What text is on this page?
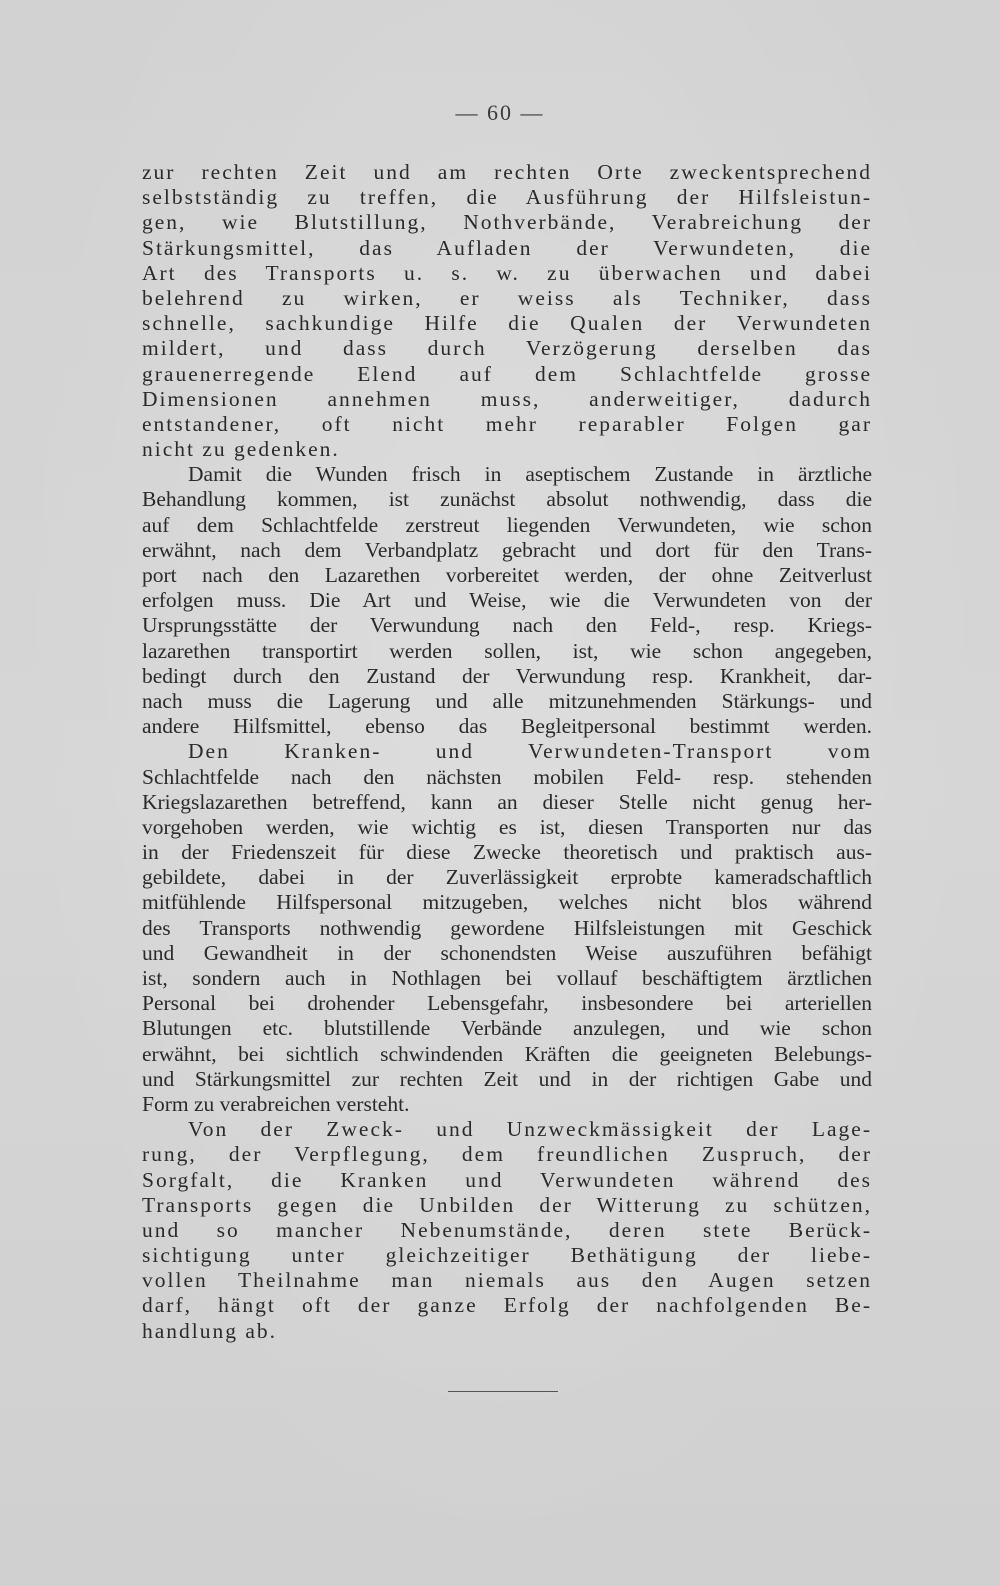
— 60 —
zur rechten Zeit und am rechten Orte zweckentsprechend
selbstständig zu treffen, die Ausführung der Hilfsleistun-
gen, wie Blutstillung, Nothverbände, Verabreichung der
Stärkungsmittel, das Aufladen der Verwundeten, die
Art des Transports u. s. w. zu überwachen und dabei
belehrend zu wirken, er weiss als Techniker, dass
schnelle, sachkundige Hilfe die Qualen der Verwundeten
mildert, und dass durch Verzögerung derselben das
grauenerregende Elend auf dem Schlachtfelde grosse
Dimensionen annehmen muss, anderweitiger, dadurch
entstandener, oft nicht mehr reparabler Folgen gar
nicht zu gedenken.
Damit die Wunden frisch in aseptischem Zustande in ärztliche
Behandlung kommen, ist zunächst absolut nothwendig, dass die
auf dem Schlachtfelde zerstreut liegenden Verwundeten, wie schon
erwähnt, nach dem Verbandplatz gebracht und dort für den Trans-
port nach den Lazarethen vorbereitet werden, der ohne Zeitverlust
erfolgen muss. Die Art und Weise, wie die Verwundeten von der
Ursprungsstätte der Verwundung nach den Feld-, resp. Kriegs-
lazarethen transportirt werden sollen, ist, wie schon angegeben,
bedingt durch den Zustand der Verwundung resp. Krankheit, dar-
nach muss die Lagerung und alle mitzunehmenden Stärkungs- und
andere Hilfsmittel, ebenso das Begleitpersonal bestimmt werden.
Den Kranken- und Verwundeten-Transport vom
Schlachtfelde nach den nächsten mobilen Feld- resp. stehenden
Kriegslazarethen betreffend, kann an dieser Stelle nicht genug her-
vorgehoben werden, wie wichtig es ist, diesen Transporten nur das
in der Friedenszeit für diese Zwecke theoretisch und praktisch aus-
gebildete, dabei in der Zuverlässigkeit erprobte kameradschaftlich
mitfühlende Hilfspersonal mitzugeben, welches nicht blos während
des Transports nothwendig gewordene Hilfsleistungen mit Geschick
und Gewandheit in der schonendsten Weise auszuführen befähigt
ist, sondern auch in Nothlagen bei vollauf beschäftigtem ärztlichen
Personal bei drohender Lebensgefahr, insbesondere bei arteriellen
Blutungen etc. blutstillende Verbände anzulegen, und wie schon
erwähnt, bei sichtlich schwindenden Kräften die geeigneten Belebungs-
und Stärkungsmittel zur rechten Zeit und in der richtigen Gabe und
Form zu verabreichen versteht.
Von der Zweck- und Unzweckmässigkeit der Lage-
rung, der Verpflegung, dem freundlichen Zuspruch, der
Sorgfalt, die Kranken und Verwundeten während des
Transports gegen die Unbilden der Witterung zu schützen,
und so mancher Nebenumstände, deren stete Berück-
sichtigung unter gleichzeitiger Bethätigung der liebe-
vollen Theilnahme man niemals aus den Augen setzen
darf, hängt oft der ganze Erfolg der nachfolgenden Be-
handlung ab.
